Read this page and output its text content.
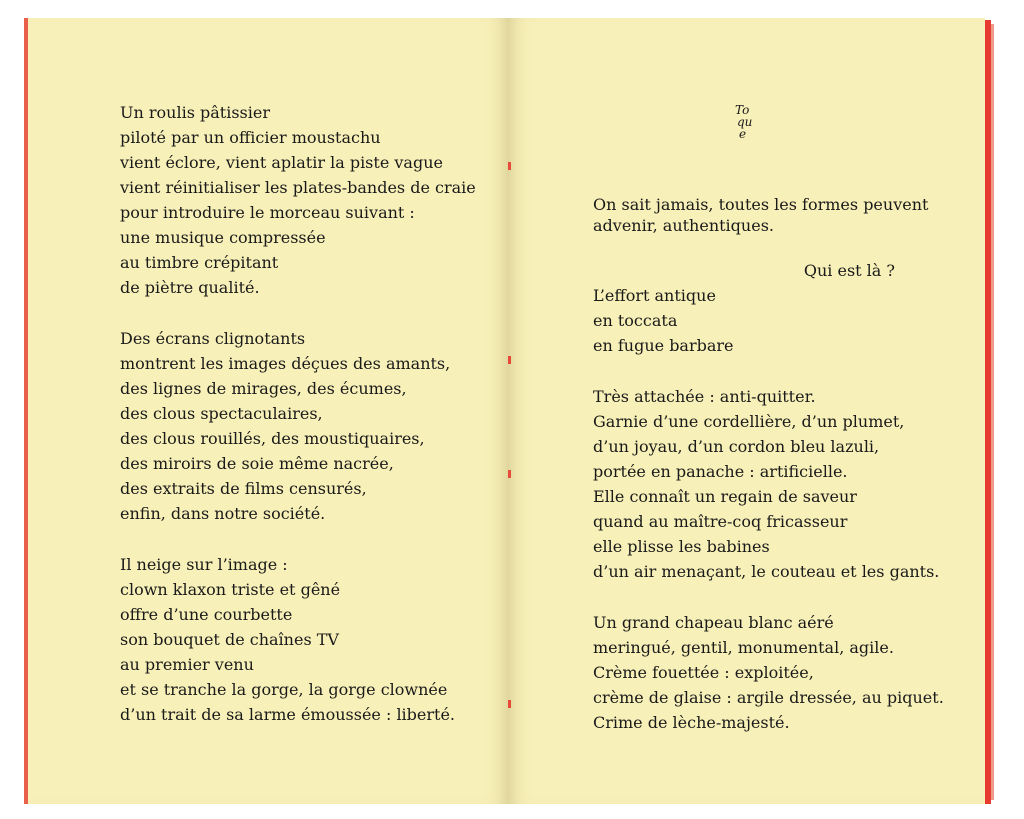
Un roulis pâtissier
piloté par un officier moustachu
vient éclore, vient aplatir la piste vague
vient réinitialiser les plates-bandes de craie
pour introduire le morceau suivant :
une musique compressée
au timbre crépitant
de piètre qualité.
Des écrans clignotants
montrent les images déçues des amants,
des lignes de mirages, des écumes,
des clous spectaculaires,
des clous rouillés, des moustiquaires,
des miroirs de soie même nacrée,
des extraits de films censurés,
enfin, dans notre société.
Il neige sur l’image :
clown klaxon triste et gêné
offre d’une courbette
son bouquet de chaînes TV
au premier venu
et se tranche la gorge, la gorge clownée
d’un trait de sa larme émoussée : liberté.
To
qu
e
On sait jamais, toutes les formes peuvent
advenir, authentiques.
Qui est là ?
L’effort antique
en toccata
en fugue barbare
Très attachée : anti-quitter.
Garnie d’une cordellière, d’un plumet,
d’un joyau, d’un cordon bleu lazuli,
portée en panache : artificielle.
Elle connaît un regain de saveur
quand au maître-coq fricasseur
elle plisse les babines
d’un air menaçant, le couteau et les gants.
Un grand chapeau blanc aéré
meringué, gentil, monumental, agile.
Crème fouettée : exploitée,
crème de glaise : argile dressée, au piquet.
Crime de lèche-majesté.
